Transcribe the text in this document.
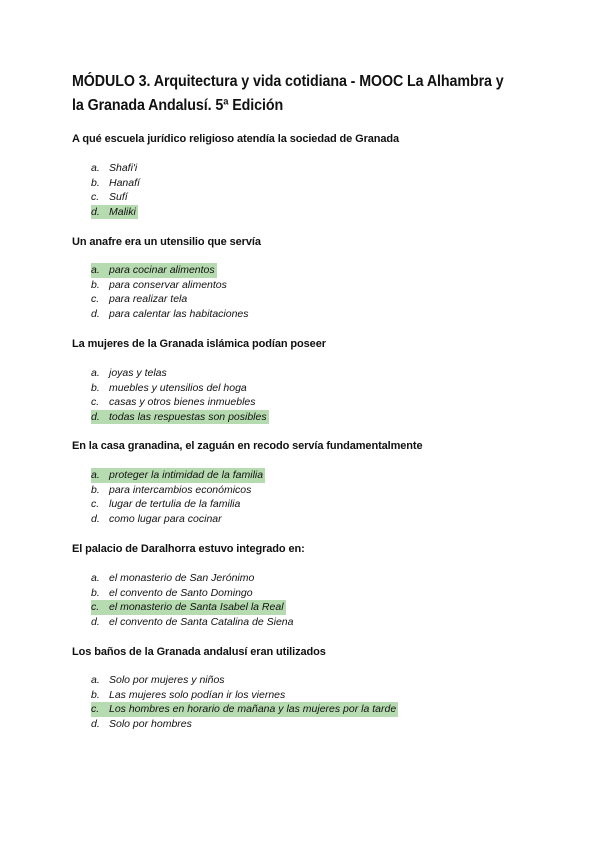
MÓDULO 3. Arquitectura y vida cotidiana - MOOC La Alhambra y la Granada Andalusí. 5ª Edición
A qué escuela jurídico religioso atendía la sociedad de Granada
a. Shafi'i
b. Hanafí
c. Sufí
d. Maliki
Un anafre era un utensilio que servía
a. para cocinar alimentos
b. para conservar alimentos
c. para realizar tela
d. para calentar las habitaciones
La mujeres de la Granada islámica podían poseer
a. joyas y telas
b. muebles y utensilios del hoga
c. casas y otros bienes inmuebles
d. todas las respuestas son posibles
En la casa granadina, el zaguán en recodo servía fundamentalmente
a. proteger la intimidad de la familia
b. para intercambios económicos
c. lugar de tertulia de la familia
d. como lugar para cocinar
El palacio de Daralhorra estuvo integrado en:
a. el monasterio de San Jerónimo
b. el convento de Santo Domingo
c. el monasterio de Santa Isabel la Real
d. el convento de Santa Catalina de Siena
Los baños de la Granada andalusí eran utilizados
a. Solo por mujeres y niños
b. Las mujeres solo podían ir los viernes
c. Los hombres en horario de mañana y las mujeres por la tarde
d. Solo por hombres
